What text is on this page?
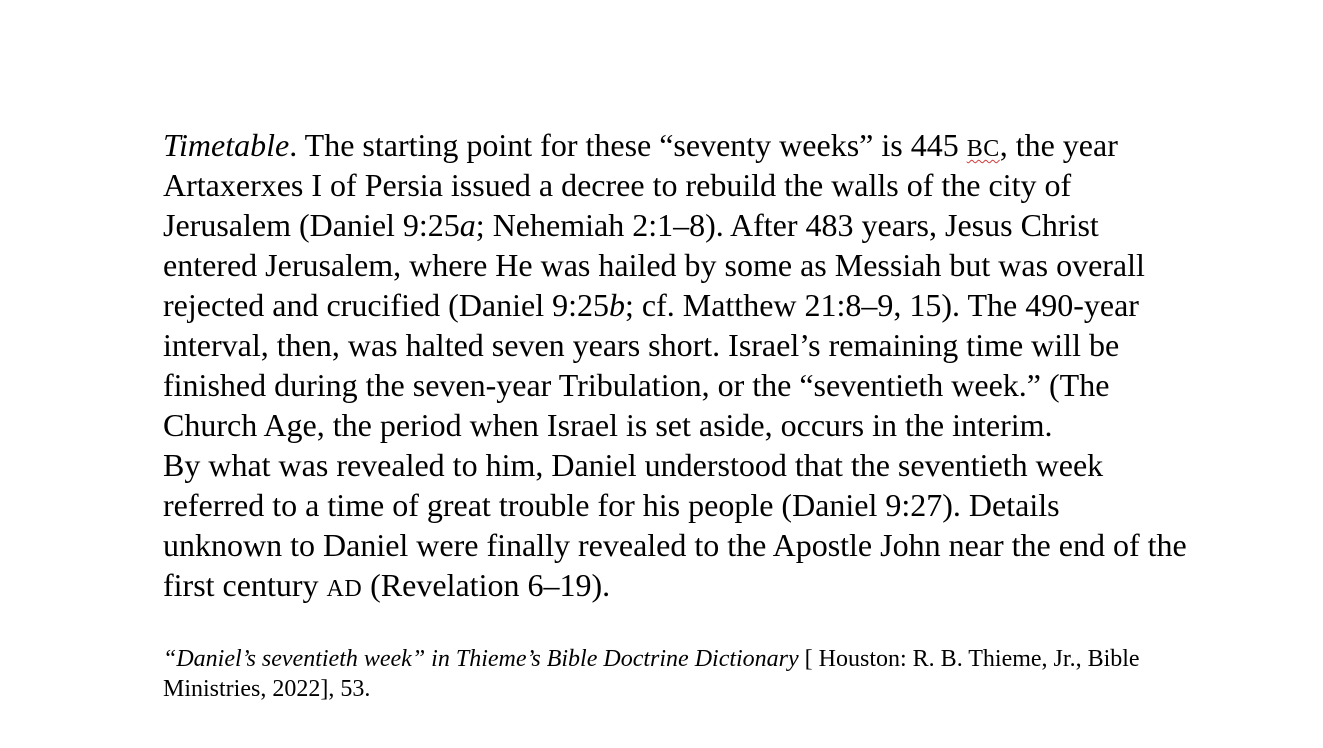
Timetable. The starting point for these “seventy weeks” is 445 BC, the year
Artaxerxes I of Persia issued a decree to rebuild the walls of the city of
Jerusalem (Daniel 9:25a; Nehemiah 2:1–8). After 483 years, Jesus Christ
entered Jerusalem, where He was hailed by some as Messiah but was overall
rejected and crucified (Daniel 9:25b; cf. Matthew 21:8–9, 15). The 490-year
interval, then, was halted seven years short. Israel’s remaining time will be
finished during the seven-year Tribulation, or the “seventieth week.” (The
Church Age, the period when Israel is set aside, occurs in the interim.
By what was revealed to him, Daniel understood that the seventieth week
referred to a time of great trouble for his people (Daniel 9:27). Details
unknown to Daniel were finally revealed to the Apostle John near the end of the
first century AD (Revelation 6–19).
“Daniel’s seventieth week” in Thieme’s Bible Doctrine Dictionary [ Houston: R. B. Thieme, Jr., Bible
Ministries, 2022], 53.
